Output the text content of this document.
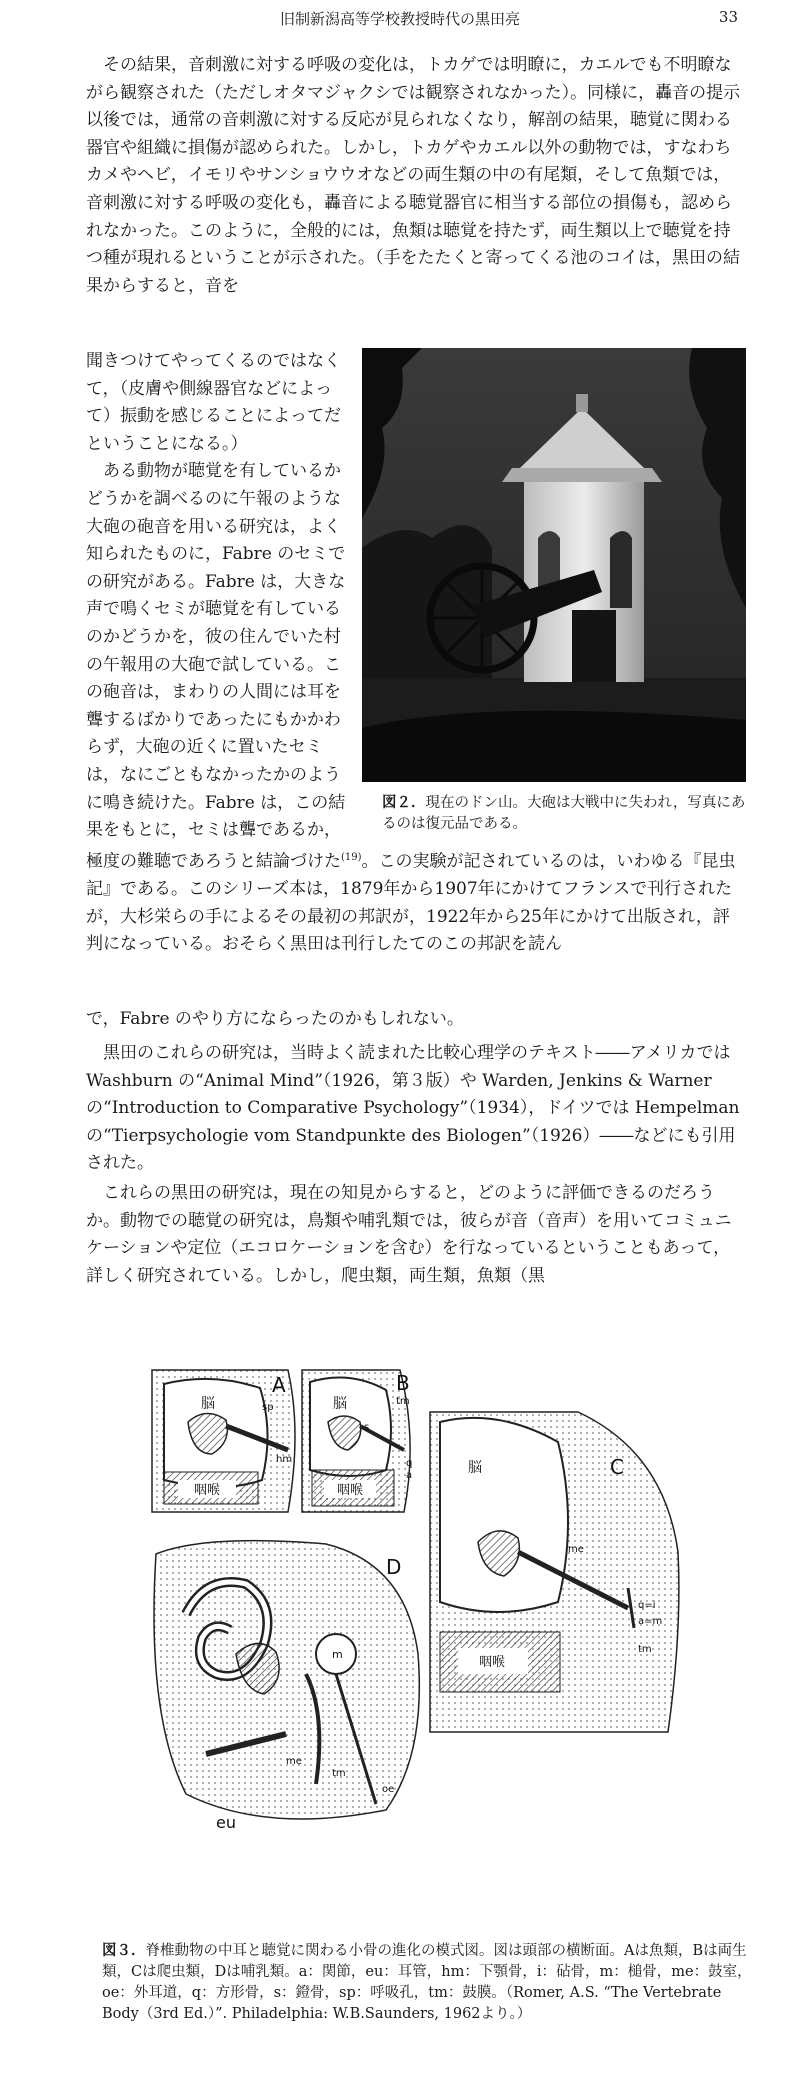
旧制新潟高等学校教授時代の黒田亮	33

その結果，音刺激に対する呼吸の変化は，トカゲでは明瞭に，カエルでも不明瞭ながら観察された（ただしオタマジャクシでは観察されなかった）。同様に，轟音の提示以後では，通常の音刺激に対する反応が見られなくなり，解剖の結果，聴覚に関わる器官や組織に損傷が認められた。しかし，トカゲやカエル以外の動物では，すなわちカメやヘビ，イモリやサンショウウオなどの両生類の中の有尾類，そして魚類では，音刺激に対する呼吸の変化も，轟音による聴覚器官に相当する部位の損傷も，認められなかった。このように，全般的には，魚類は聴覚を持たず，両生類以上で聴覚を持つ種が現れるということが示された。（手をたたくと寄ってくる池のコイは，黒田の結果からすると，音を

聞きつけてやってくるのではなくて，（皮膚や側線器官などによって）振動を感じることによってだということになる。）

ある動物が聴覚を有しているかどうかを調べるのに午報のような大砲の砲音を用いる研究は，よく知られたものに，Fabre のセミでの研究がある。Fabre は，大きな声で鳴くセミが聴覚を有しているのかどうかを，彼の住んでいた村の午報用の大砲で試している。この砲音は，まわりの人間には耳を聾するばかりであったにもかかわらず，大砲の近くに置いたセミは，なにごともなかったかのように鳴き続けた。Fabre は，この結果をもとに，セミは聾であるか，

図２．現在のドン山。大砲は大戦中に失われ，写真にあるのは復元品である。

極度の難聴であろうと結論づけた$^{(19)}$。この実験が記されているのは，いわゆる『昆虫記』である。このシリーズ本は，1879年から1907年にかけてフランスで刊行されたが，大杉栄らの手によるその最初の邦訳が，1922年から25年にかけて出版され，評判になっている。おそらく黒田は刊行したてのこの邦訳を読ん

で，Fabre のやり方にならったのかもしれない。

黒田のこれらの研究は，当時よく読まれた比較心理学のテキスト――アメリカでは Washburn の“Animal Mind”（1926，第３版）や Warden, Jenkins & Warner の“Introduction to Comparative Psychology”（1934），ドイツでは Hempelman の“Tierpsychologie vom Standpunkte des Biologen”（1926）――などにも引用された。

これらの黒田の研究は，現在の知見からすると，どのように評価できるのだろうか。動物での聴覚の研究は，鳥類や哺乳類では，彼らが音（音声）を用いてコミュニケーションや定位（エコロケーションを含む）を行なっているということもあって，詳しく研究されている。しかし，爬虫類，両生類，魚類（黒

脳
咽喉
sp
hm
A
脳
咽喉
tm
s
q
a
B
脳
咽喉
me
q=i
a=m
tm
C
m
me
tm
oe
eu
D
図３．脊椎動物の中耳と聴覚に関わる小骨の進化の模式図。図は頭部の横断面。Aは魚類，Bは両生類，Cは爬虫類，Dは哺乳類。a：関節，eu：耳管，hm：下顎骨，i：砧骨，m：槌骨，me：鼓室，oe：外耳道，q：方形骨，s：鐙骨，sp：呼吸孔，tm：鼓膜。（Romer, A.S. “The Vertebrate Body（3rd Ed.）”. Philadelphia: W.B.Saunders, 1962より。）
